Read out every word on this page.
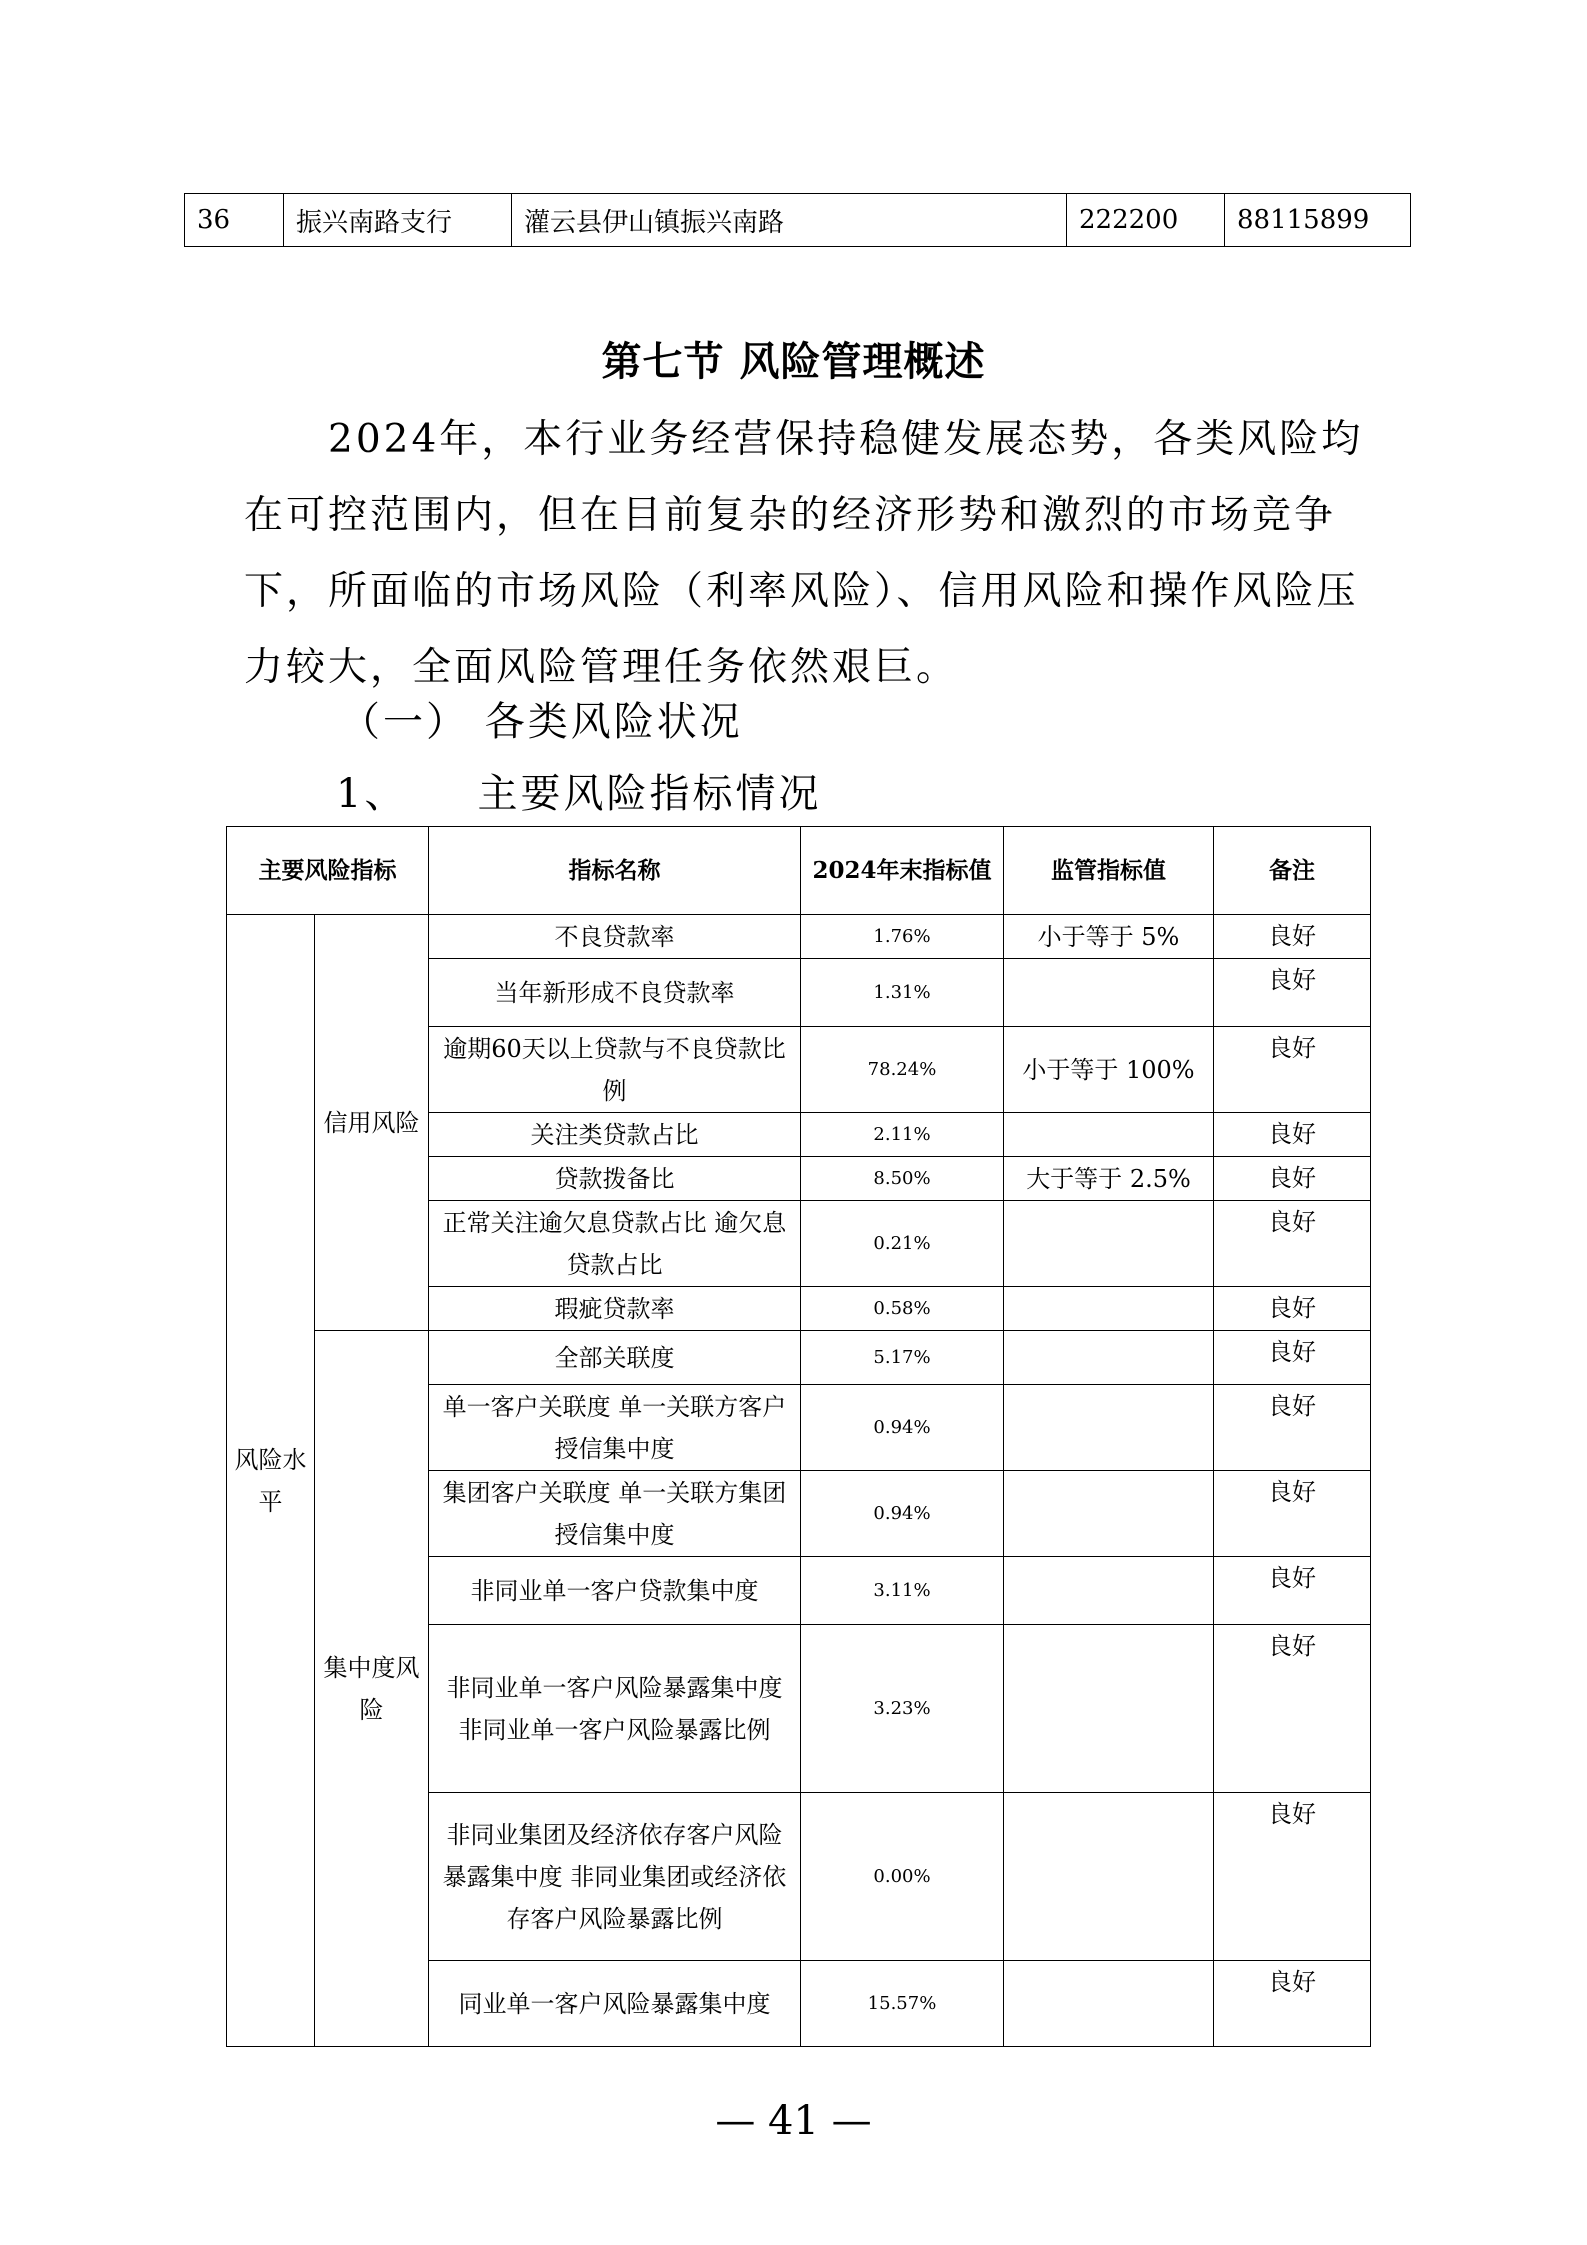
36	振兴南路支行	灌云县伊山镇振兴南路	222200	88115899
第七节 风险管理概述
2024年，本行业务经营保持稳健发展态势，各类风险均在可控范围内，但在目前复杂的经济形势和激烈的市场竞争下，所面临的市场风险（利率风险）、信用风险和操作风险压力较大，全面风险管理任务依然艰巨。
（一） 各类风险状况
1、 主要风险指标情况
主要风险指标		指标名称	2024年末指标值	监管指标值	备注
风险水平	信用风险	不良贷款率	1.76%	小于等于 5%	良好
		当年新形成不良贷款率	1.31%		良好
		逾期60天以上贷款与不良贷款比例	78.24%	小于等于 100%	良好
		关注类贷款占比	2.11%		良好
		贷款拨备比	8.50%	大于等于 2.5%	良好
		正常关注逾欠息贷款占比 逾欠息贷款占比	0.21%		良好
		瑕疵贷款率	0.58%		良好
	集中度风险	全部关联度	5.17%		良好
		单一客户关联度 单一关联方客户授信集中度	0.94%		良好
		集团客户关联度 单一关联方集团授信集中度	0.94%		良好
		非同业单一客户贷款集中度	3.11%		良好
		非同业单一客户风险暴露集中度 非同业单一客户风险暴露比例	3.23%		良好
		非同业集团及经济依存客户风险暴露集中度 非同业集团或经济依存客户风险暴露比例	0.00%		良好
		同业单一客户风险暴露集中度	15.57%		良好
— 41 —
